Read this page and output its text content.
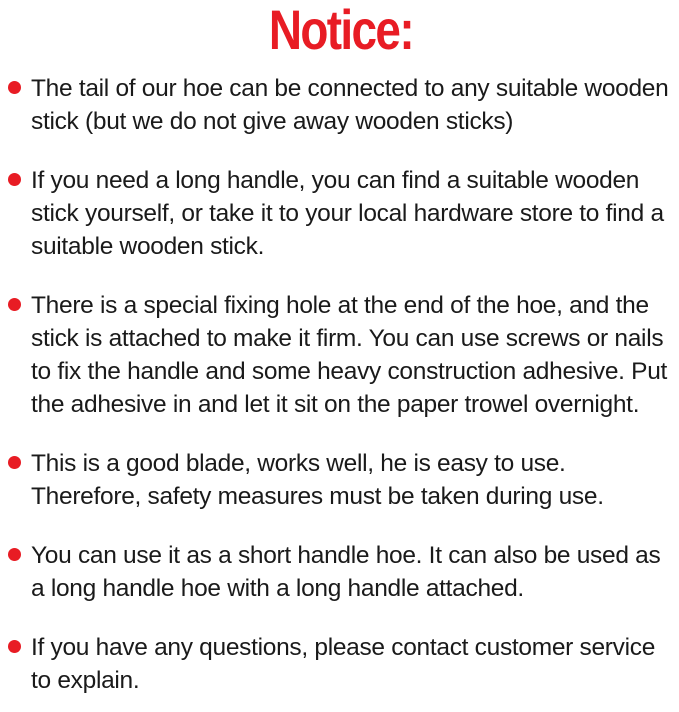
Notice:
The tail of our hoe can be connected to any suitable wooden stick (but we do not give away wooden sticks)
If you need a long handle, you can find a suitable wooden stick yourself, or take it to your local hardware store to find a suitable wooden stick.
There is a special fixing hole at the end of the hoe, and the stick is attached to make it firm. You can use screws or nails to fix the handle and some heavy construction adhesive. Put the adhesive in and let it sit on the paper trowel overnight.
This is a good blade, works well, he is easy to use. Therefore, safety measures must be taken during use.
You can use it as a short handle hoe. It can also be used as a long handle hoe with a long handle attached.
If you have any questions, please contact customer service to explain.
